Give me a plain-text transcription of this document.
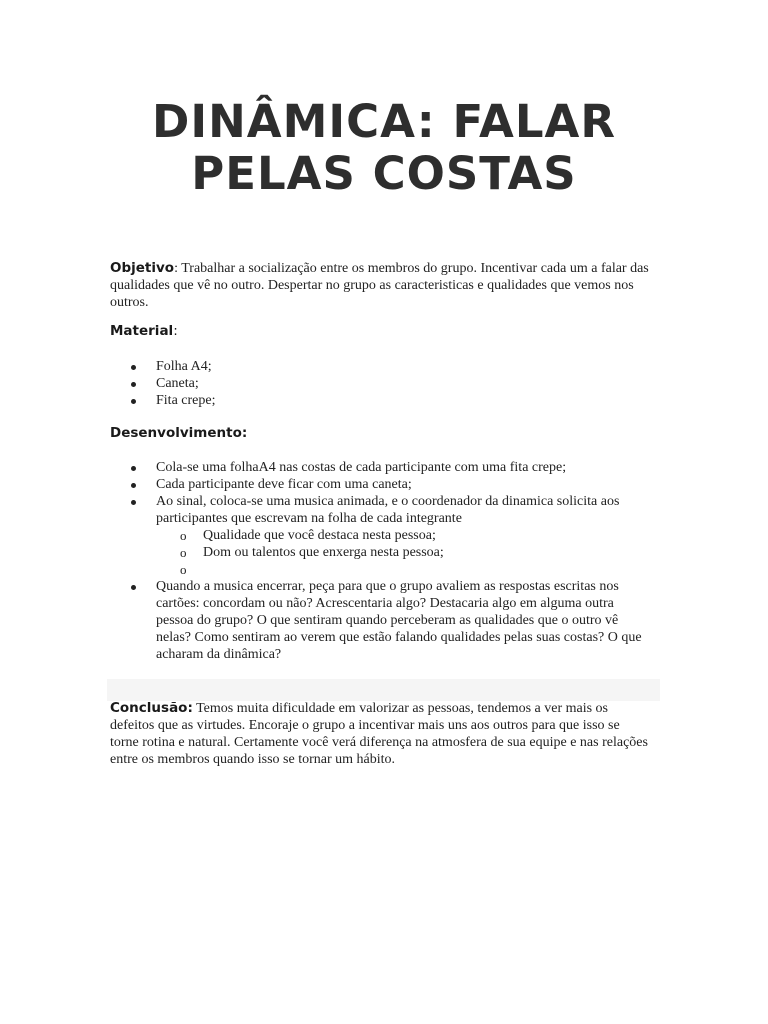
DINÂMICA: FALAR
PELAS COSTAS
Objetivo: Trabalhar a socialização entre os membros do grupo. Incentivar cada um a falar das qualidades que vê no outro. Despertar no grupo as caracteristicas e qualidades que vemos nos outros.
Material:
Folha A4;
Caneta;
Fita crepe;
Desenvolvimento:
Cola-se uma folhaA4 nas costas de cada participante com uma fita crepe;
Cada participante deve ficar com uma caneta;
Ao sinal, coloca-se uma musica animada, e o coordenador da dinamica solicita aos participantes que escrevam na folha de cada integrante
o Qualidade que você destaca nesta pessoa;
o Dom ou talentos que enxerga nesta pessoa;
o
Quando a musica encerrar, peça para que o grupo avaliem as respostas escritas nos cartões: concordam ou não? Acrescentaria algo? Destacaria algo em alguma outra pessoa do grupo? O que sentiram quando perceberam as qualidades que o outro vê nelas? Como sentiram ao verem que estão falando qualidades pelas suas costas? O que acharam da dinâmica?
Conclusão: Temos muita dificuldade em valorizar as pessoas, tendemos a ver mais os defeitos que as virtudes. Encoraje o grupo a incentivar mais uns aos outros para que isso se torne rotina e natural. Certamente você verá diferença na atmosfera de sua equipe e nas relações entre os membros quando isso se tornar um hábito.
